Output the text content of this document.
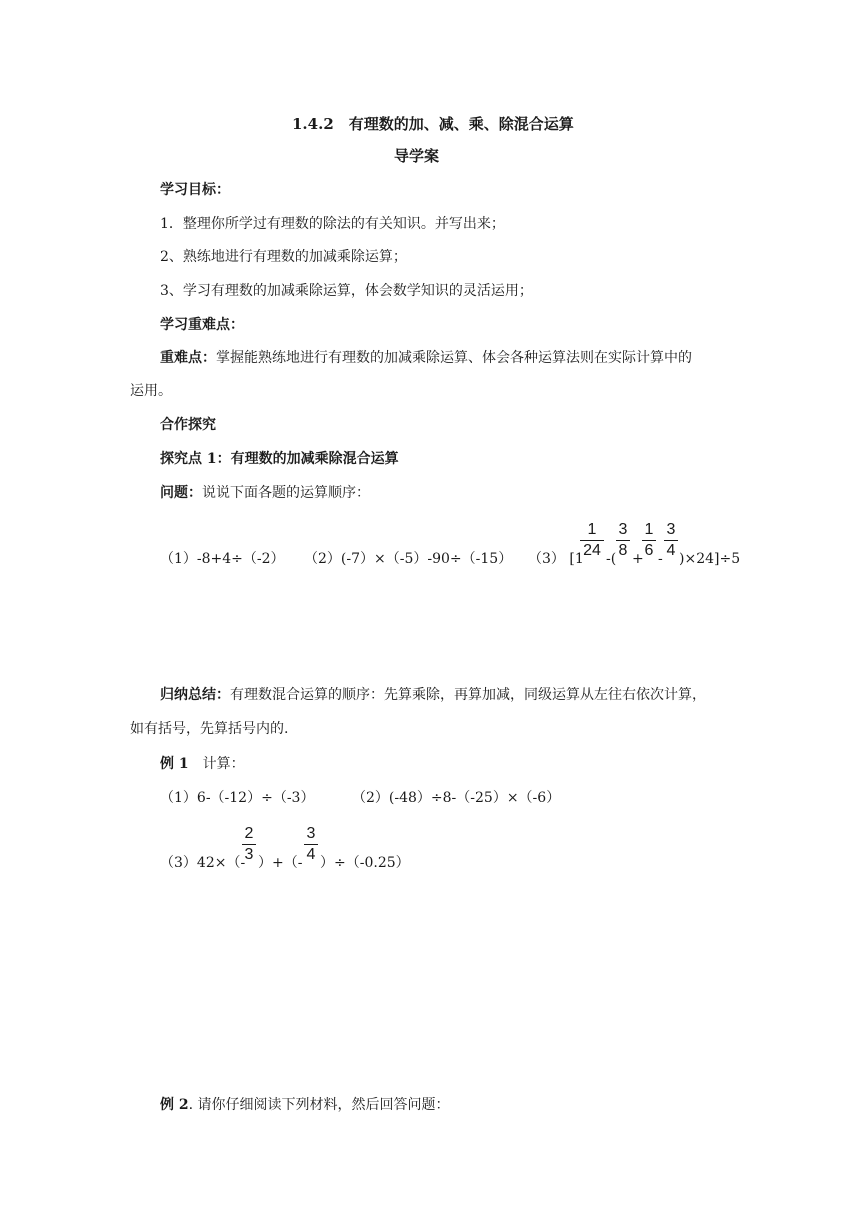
1.4.2　有理数的加、减、乘、除混合运算
导学案
学习目标：
1．整理你所学过有理数的除法的有关知识。并写出来；
2、熟练地进行有理数的加减乘除运算；
3、学习有理数的加减乘除运算，体会数学知识的灵活运用；
学习重难点：
重难点：掌握能熟练地进行有理数的加减乘除运算、体会各种运算法则在实际计算中的
运用。
合作探究
探究点 1：有理数的加减乘除混合运算
问题：说说下面各题的运算顺序：
（1）-8+4÷（-2） （2）(-7）×（-5）-90÷（-15） （3） [1
1
24 -(
3
8 +
1
6 -
3
4 )×24]÷5
归纳总结：有理数混合运算的顺序：先算乘除，再算加减，同级运算从左往右依次计算，
如有括号，先算括号内的.
例 1　计算：
（1）6-（-12）÷（-3）	（2）(-48）÷8-（-25）×（-6）
（3）42×（-
2
3 ）+（-
3
4 ）÷（-0.25）
例 2. 请你仔细阅读下列材料，然后回答问题：
